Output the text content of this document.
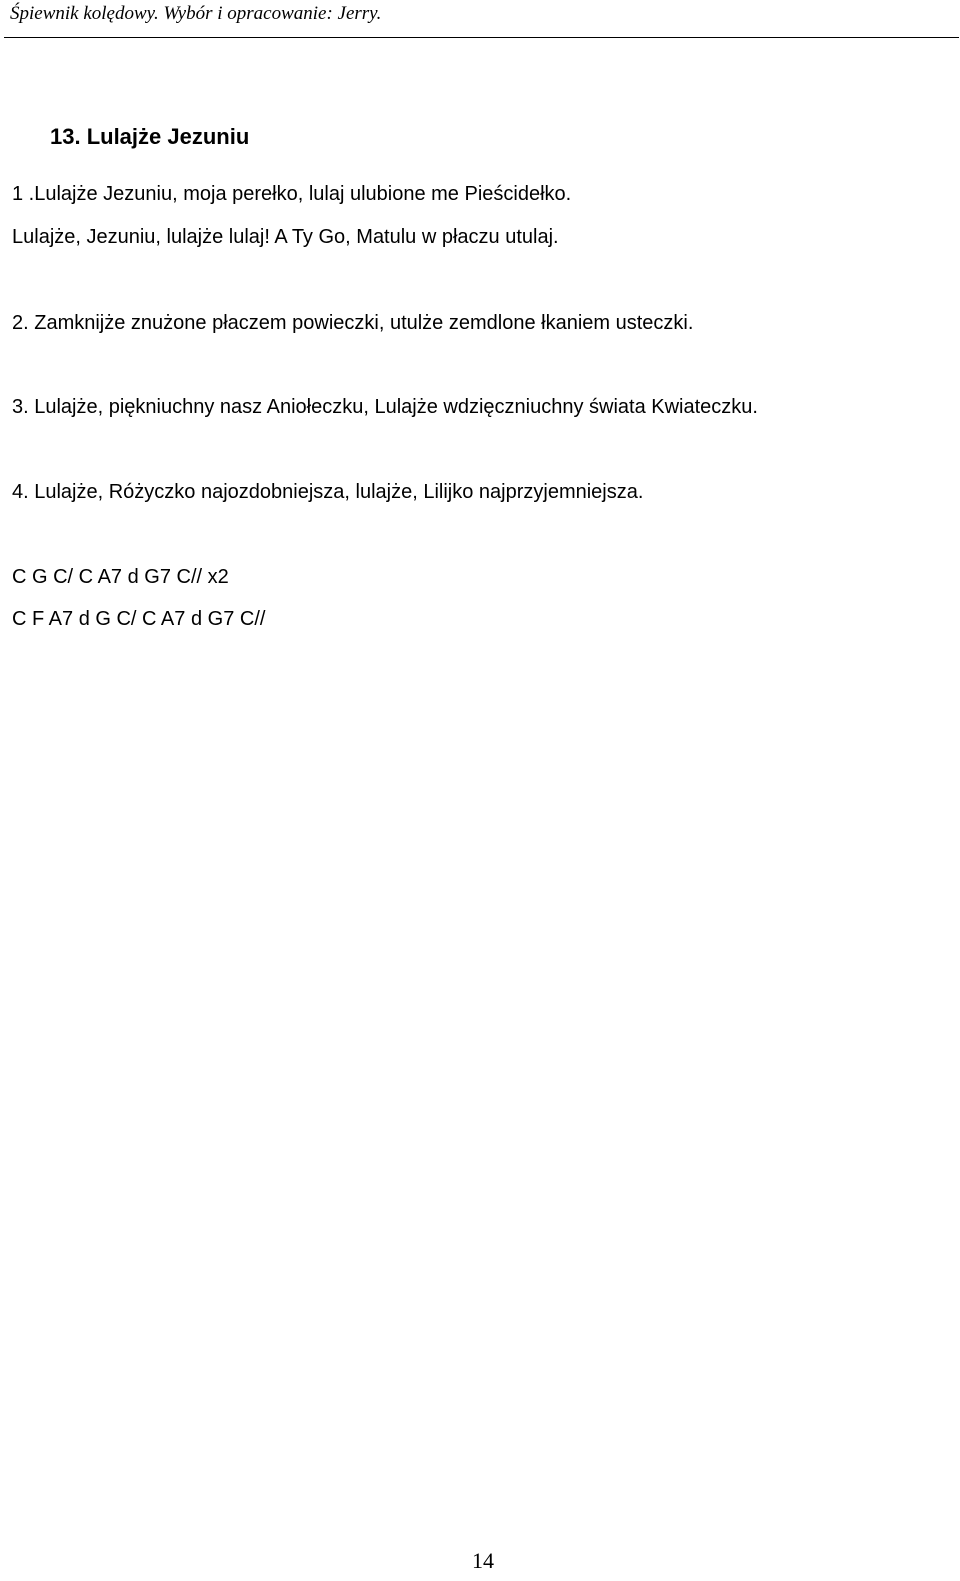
Śpiewnik kolędowy. Wybór i opracowanie: Jerry.
13. Lulajże Jezuniu
1 .Lulajże Jezuniu, moja perełko, lulaj ulubione me Pieścidełko.
Lulajże, Jezuniu, lulajże lulaj! A Ty Go, Matulu w płaczu utulaj.
2. Zamknijże znużone płaczem powieczki, utulże zemdlone łkaniem usteczki.
3. Lulajże, piękniuchny nasz Aniołeczku, Lulajże wdzięczniuchny świata Kwiateczku.
4. Lulajże, Różyczko najozdobniejsza, lulajże, Lilijko najprzyjemniejsza.
C G C/ C A7 d G7 C// x2
C F A7 d G C/ C A7 d G7 C//
14
